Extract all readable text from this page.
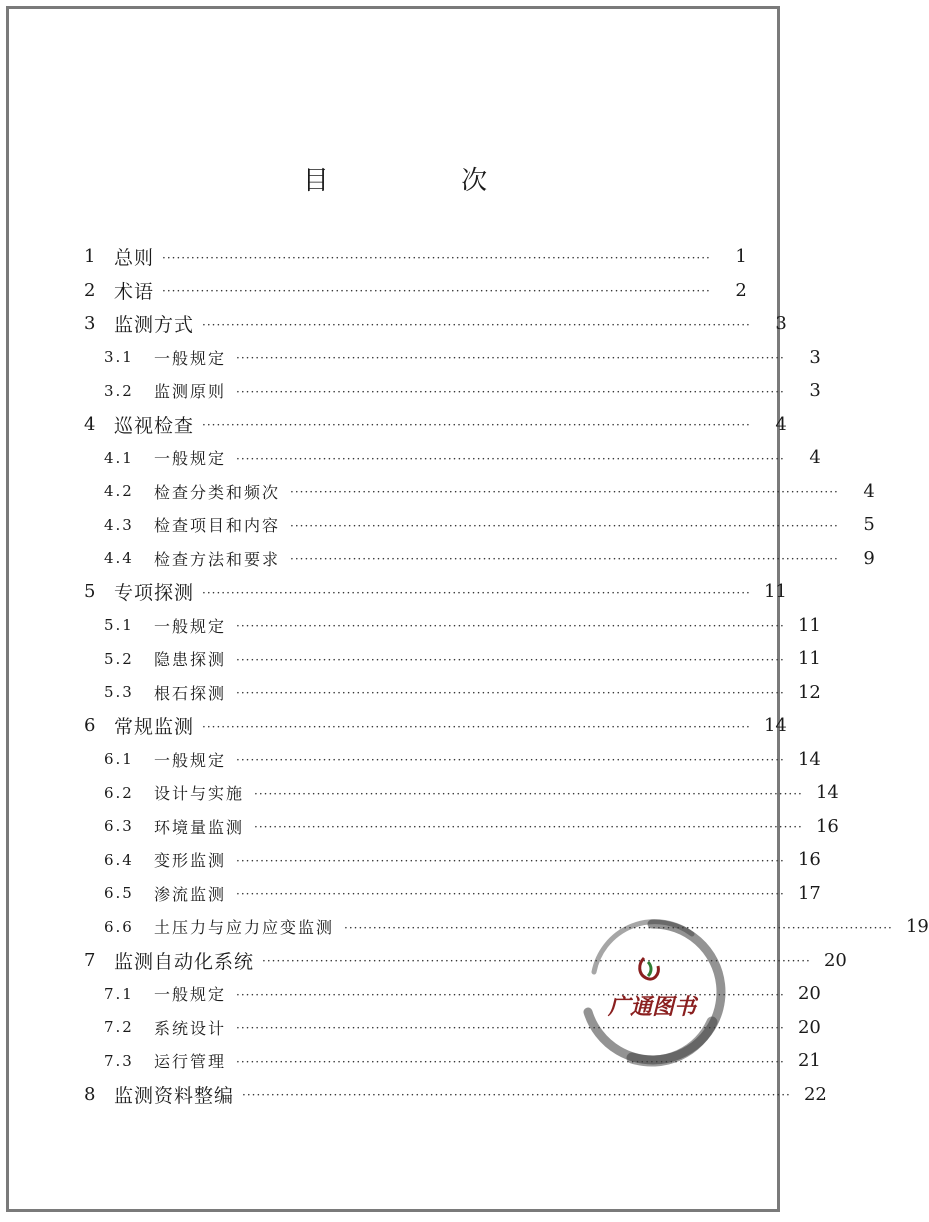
目 次
1 总则 ··················································································································	1
2 术语 ··················································································································	2
3 监测方式 ··················································································································	3
3.1	一般规定 ··················································································································	3
3.2	监测原则 ··················································································································	3
4 巡视检查 ··················································································································	4
4.1	一般规定 ··················································································································	4
4.2	检查分类和频次 ··················································································································	4
4.3	检查项目和内容 ··················································································································	5
4.4	检查方法和要求 ··················································································································	9
5 专项探测 ·················································································································· 11
5.1	一般规定 ·················································································································· 11
5.2	隐患探测 ·················································································································· 11
5.3	根石探测 ·················································································································· 12
6 常规监测 ·················································································································· 14
6.1	一般规定 ·················································································································· 14
6.2	设计与实施 ·················································································································· 14
6.3	环境量监测 ·················································································································· 16
6.4	变形监测 ·················································································································· 16
6.5	渗流监测 ·················································································································· 17
6.6	土压力与应力应变监测 ·················································································································· 19
7 监测自动化系统 ·················································································································· 20
7.1	一般规定 ·················································································································· 20
7.2	系统设计 ·················································································································· 20
7.3	运行管理 ·················································································································· 21
8 监测资料整编 ·················································································································· 22
广通图书
